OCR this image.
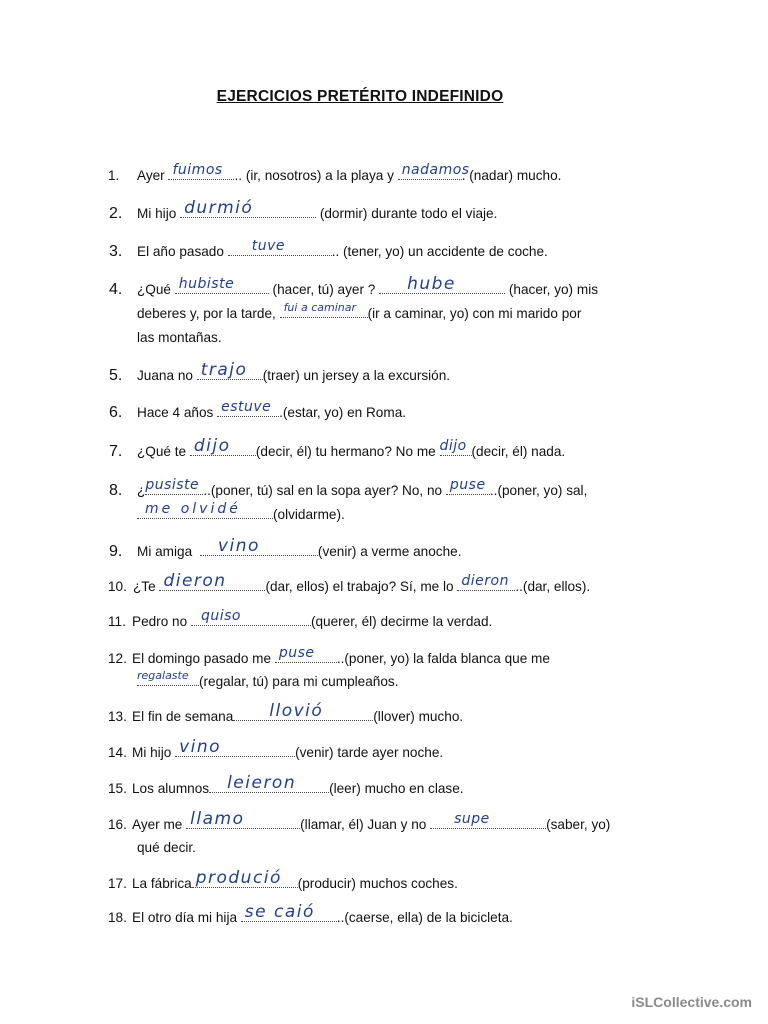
EJERCICIOS PRETÉRITO INDEFINIDO
1.	Ayer fuimos .. (ir, nosotros) a la playa y nadamos
. (nadar) mucho.
2.	Mi hijo durmió	(dormir) durante todo el viaje.
3.	El año pasado tuve	.. (tener, yo) un accidente de coche.
4.	¿Qué hubiste	(hacer, tú) ayer ? hube	(hacer, yo) mis
deberes y, por la tarde, fui a caminar (ir a caminar, yo) con mi marido por
las montañas.
5.	Juana no trajo (traer) un jersey a la excursión.
6.	Hace 4 años estuve .(estar, yo) en Roma.
7.	¿Qué te dijo (decir, él) tu hermano? No me dijo (decir, él) nada.
8.	¿ pusiste ..(poner, tú) sal en la sopa ayer? No, no puse ..(poner, yo) sal,
me olvidé (olvidarme).
9.	Mi amiga vino	(venir) a verme anoche.
10. ¿Te dieron	(dar, ellos) el trabajo? Sí, me lo dieron ..(dar, ellos).
11. Pedro no quiso	(querer, él) decirme la verdad.
12. El domingo pasado me puse ..(poner, yo) la falda blanca que me
regalaste (regalar, tú) para mi cumpleaños.
13. El fin de semana llovió	(llover) mucho.
14. Mi hijo vino	(venir) tarde ayer noche.
15. Los alumnos leieron (leer) mucho en clase.
16. Ayer me llamo	(llamar, él) Juan y no supe	(saber, yo)
qué decir.
17. La fábrica produció (producir) muchos coches.
18. El otro día mi hija se caió ..(caerse, ella) de la bicicleta.
iSLCollective.com
